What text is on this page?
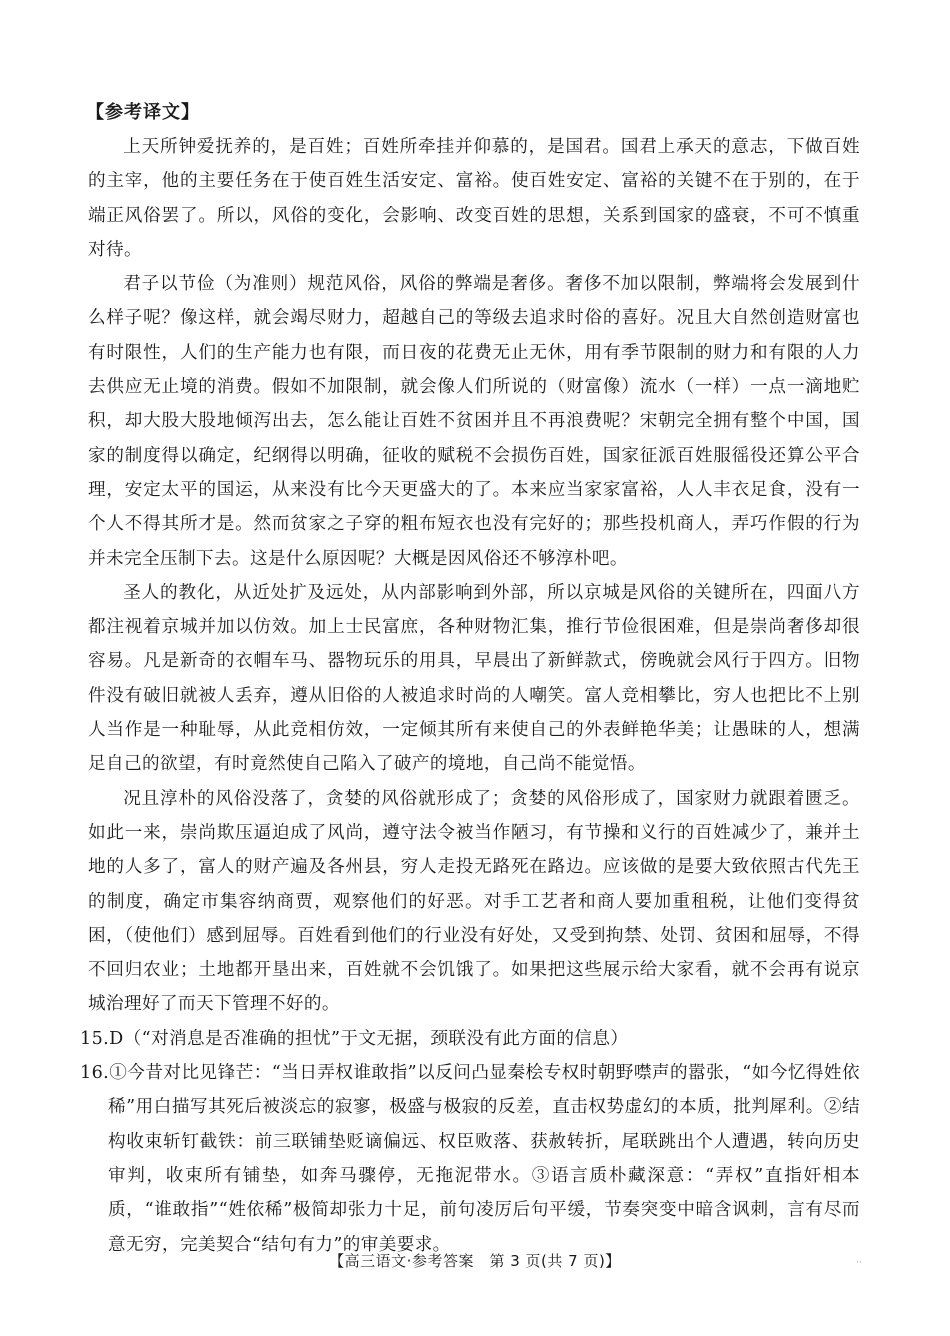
【参考译文】

上天所钟爱抚养的，是百姓；百姓所牵挂并仰慕的，是国君。国君上承天的意志，下做百姓的主宰，他的主要任务在于使百姓生活安定、富裕。使百姓安定、富裕的关键不在于别的，在于端正风俗罢了。所以，风俗的变化，会影响、改变百姓的思想，关系到国家的盛衰，不可不慎重对待。

君子以节俭（为准则）规范风俗，风俗的弊端是奢侈。奢侈不加以限制，弊端将会发展到什么样子呢？像这样，就会竭尽财力，超越自己的等级去追求时俗的喜好。况且大自然创造财富也有时限性，人们的生产能力也有限，而日夜的花费无止无休，用有季节限制的财力和有限的人力去供应无止境的消费。假如不加限制，就会像人们所说的（财富像）流水（一样）一点一滴地贮积，却大股大股地倾泻出去，怎么能让百姓不贫困并且不再浪费呢？宋朝完全拥有整个中国，国家的制度得以确定，纪纲得以明确，征收的赋税不会损伤百姓，国家征派百姓服徭役还算公平合理，安定太平的国运，从来没有比今天更盛大的了。本来应当家家富裕，人人丰衣足食，没有一个人不得其所才是。然而贫家之子穿的粗布短衣也没有完好的；那些投机商人，弄巧作假的行为并未完全压制下去。这是什么原因呢？大概是因风俗还不够淳朴吧。

圣人的教化，从近处扩及远处，从内部影响到外部，所以京城是风俗的关键所在，四面八方都注视着京城并加以仿效。加上士民富庶，各种财物汇集，推行节俭很困难，但是崇尚奢侈却很容易。凡是新奇的衣帽车马、器物玩乐的用具，早晨出了新鲜款式，傍晚就会风行于四方。旧物件没有破旧就被人丢弃，遵从旧俗的人被追求时尚的人嘲笑。富人竞相攀比，穷人也把比不上别人当作是一种耻辱，从此竞相仿效，一定倾其所有来使自己的外表鲜艳华美；让愚昧的人，想满足自己的欲望，有时竟然使自己陷入了破产的境地，自己尚不能觉悟。

况且淳朴的风俗没落了，贪婪的风俗就形成了；贪婪的风俗形成了，国家财力就跟着匮乏。如此一来，崇尚欺压逼迫成了风尚，遵守法令被当作陋习，有节操和义行的百姓减少了，兼并土地的人多了，富人的财产遍及各州县，穷人走投无路死在路边。应该做的是要大致依照古代先王的制度，确定市集容纳商贾，观察他们的好恶。对手工艺者和商人要加重租税，让他们变得贫困，（使他们）感到屈辱。百姓看到他们的行业没有好处，又受到拘禁、处罚、贫困和屈辱，不得不回归农业；土地都开垦出来，百姓就不会饥饿了。如果把这些展示给大家看，就不会再有说京城治理好了而天下管理不好的。

15.D（“对消息是否准确的担忧”于文无据，颈联没有此方面的信息）

16.①今昔对比见锋芒：“当日弄权谁敢指”以反问凸显秦桧专权时朝野噤声的嚣张，“如今忆得姓依稀”用白描写其死后被淡忘的寂寥，极盛与极寂的反差，直击权势虚幻的本质，批判犀利。②结构收束斩钉截铁：前三联铺垫贬谪偏远、权臣败落、获赦转折，尾联跳出个人遭遇，转向历史审判，收束所有铺垫，如奔马骤停，无拖泥带水。③语言质朴藏深意：“弄权”直指奸相本质，“谁敢指”“姓依稀”极简却张力十足，前句凌厉后句平缓，节奏突变中暗含讽刺，言有尽而意无穷，完美契合“结句有力”的审美要求。

【高三语文·参考答案　第 3 页(共 7 页)】	··
